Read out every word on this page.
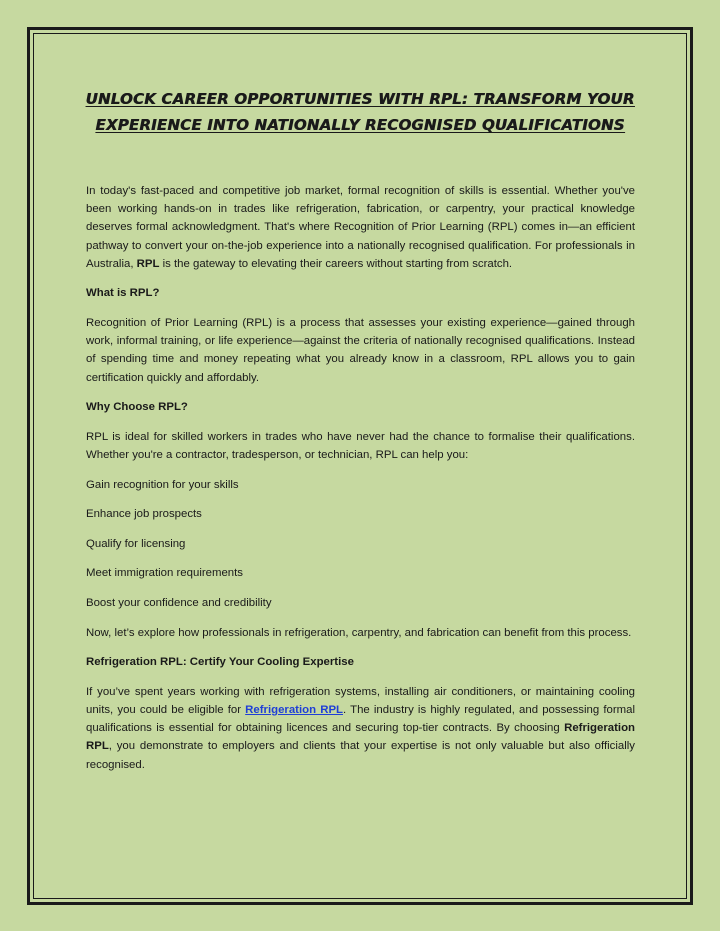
UNLOCK CAREER OPPORTUNITIES WITH RPL: TRANSFORM YOUR EXPERIENCE INTO NATIONALLY RECOGNISED QUALIFICATIONS

In today's fast-paced and competitive job market, formal recognition of skills is essential. Whether you've been working hands-on in trades like refrigeration, fabrication, or carpentry, your practical knowledge deserves formal acknowledgment. That's where Recognition of Prior Learning (RPL) comes in—an efficient pathway to convert your on-the-job experience into a nationally recognised qualification. For professionals in Australia, RPL is the gateway to elevating their careers without starting from scratch.

What is RPL?

Recognition of Prior Learning (RPL) is a process that assesses your existing experience—gained through work, informal training, or life experience—against the criteria of nationally recognised qualifications. Instead of spending time and money repeating what you already know in a classroom, RPL allows you to gain certification quickly and affordably.

Why Choose RPL?

RPL is ideal for skilled workers in trades who have never had the chance to formalise their qualifications. Whether you're a contractor, tradesperson, or technician, RPL can help you:

Gain recognition for your skills

Enhance job prospects

Qualify for licensing

Meet immigration requirements

Boost your confidence and credibility

Now, let’s explore how professionals in refrigeration, carpentry, and fabrication can benefit from this process.

Refrigeration RPL: Certify Your Cooling Expertise

If you’ve spent years working with refrigeration systems, installing air conditioners, or maintaining cooling units, you could be eligible for Refrigeration RPL. The industry is highly regulated, and possessing formal qualifications is essential for obtaining licences and securing top-tier contracts. By choosing Refrigeration RPL, you demonstrate to employers and clients that your expertise is not only valuable but also officially recognised.
